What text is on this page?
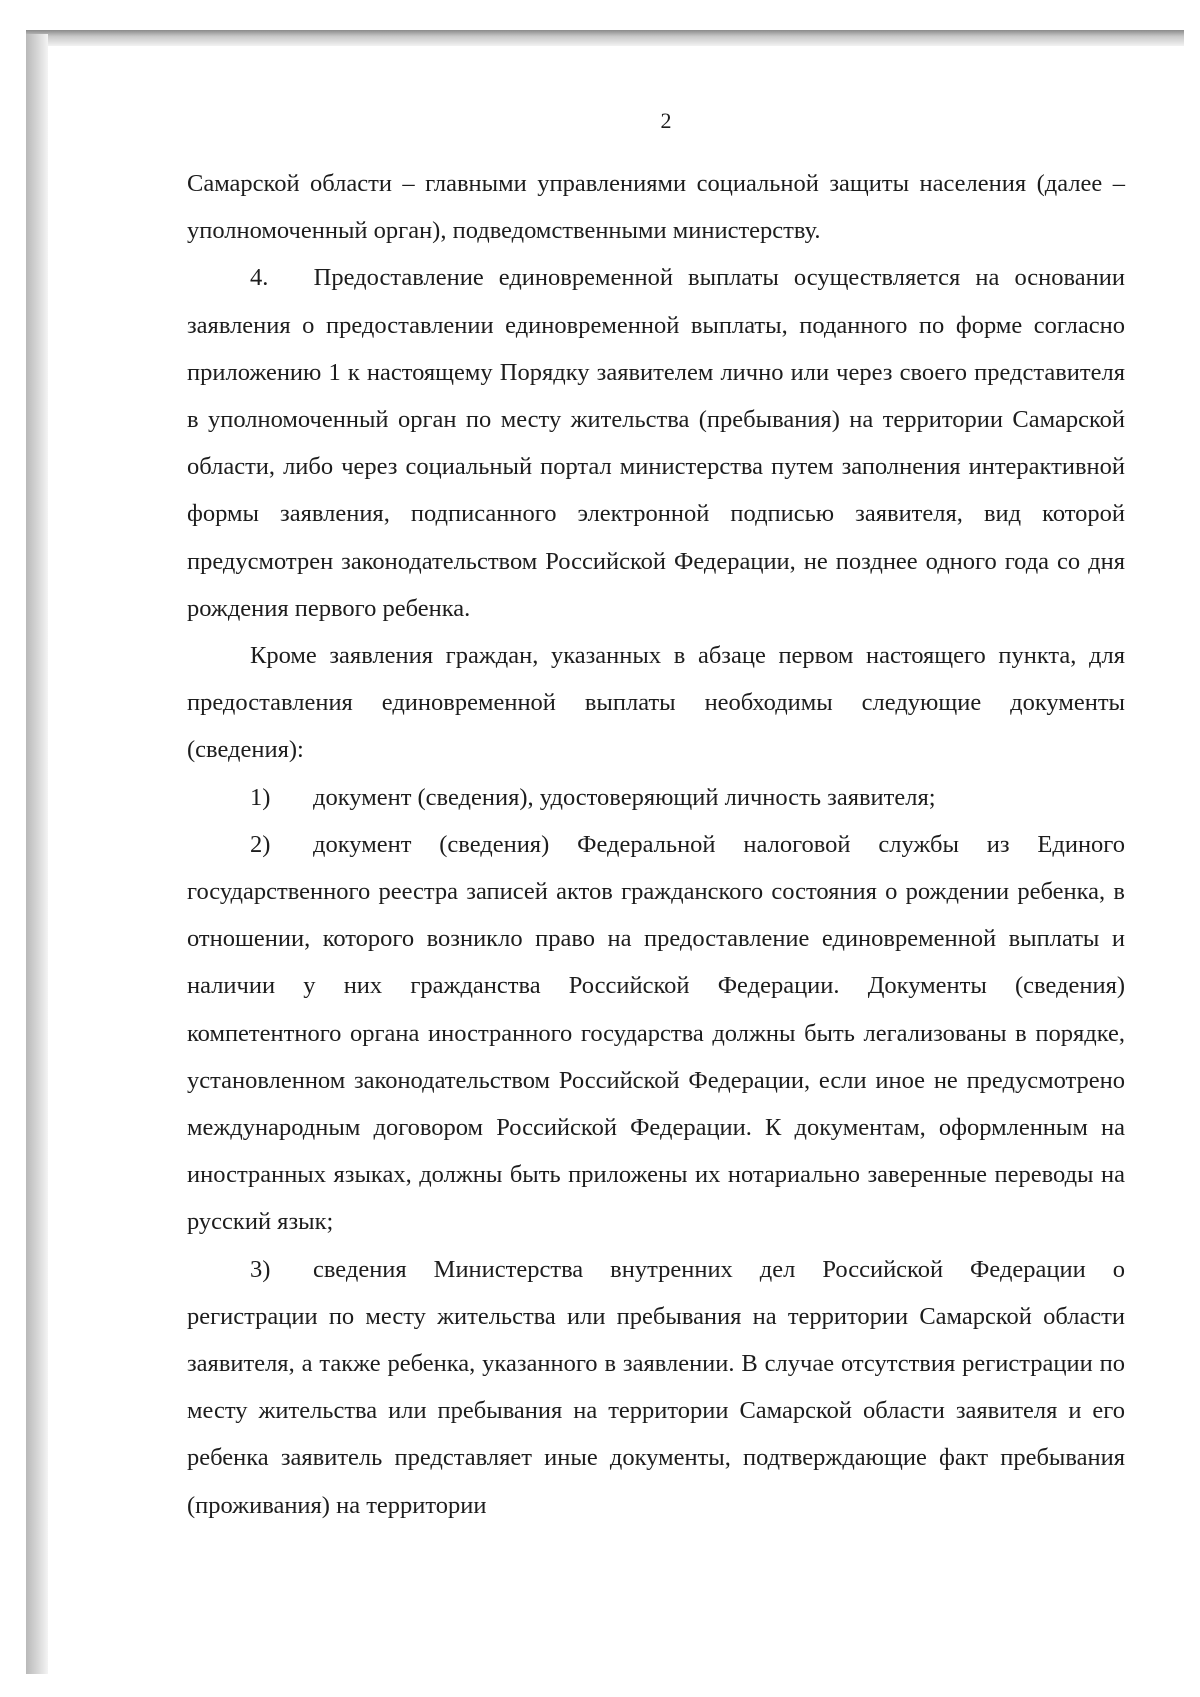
2

Самарской области – главными управлениями социальной защиты населения (далее – уполномоченный орган), подведомственными министерству.

4.   Предоставление единовременной выплаты осуществляется на основании заявления о предоставлении единовременной выплаты, поданного по форме согласно приложению 1 к настоящему Порядку заявителем лично или через своего представителя в уполномоченный орган по месту жительства (пребывания) на территории Самарской области, либо через социальный портал министерства путем заполнения интерактивной формы заявления, подписанного электронной подписью заявителя, вид которой предусмотрен законодательством Российской Федерации, не позднее одного года со дня рождения первого ребенка.

Кроме заявления граждан, указанных в абзаце первом настоящего пункта, для предоставления единовременной выплаты необходимы следующие документы (сведения):

1) документ (сведения), удостоверяющий личность заявителя;

2) документ (сведения) Федеральной налоговой службы из Единого государственного реестра записей актов гражданского состояния о рождении ребенка, в отношении, которого возникло право на предоставление единовременной выплаты и наличии у них гражданства Российской Федерации. Документы (сведения) компетентного органа иностранного государства должны быть легализованы в порядке, установленном законодательством Российской Федерации, если иное не предусмотрено международным договором Российской Федерации. К документам, оформленным на иностранных языках, должны быть приложены их нотариально заверенные переводы на русский язык;

3) сведения Министерства внутренних дел Российской Федерации о регистрации по месту жительства или пребывания на территории Самарской области заявителя, а также ребенка, указанного в заявлении. В случае отсутствия регистрации по месту жительства или пребывания на территории Самарской области заявителя и его ребенка заявитель представляет иные документы, подтверждающие факт пребывания (проживания) на территории
